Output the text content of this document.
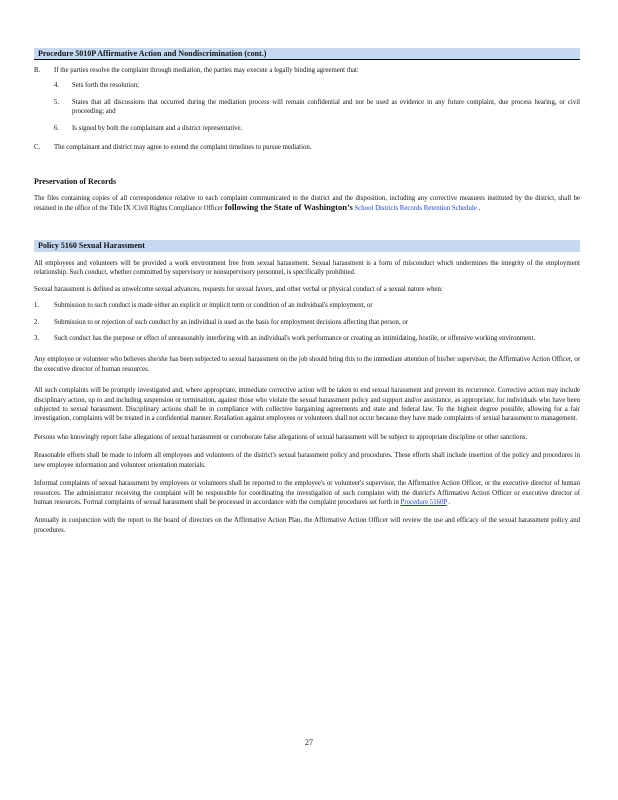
Procedure 5010P Affirmative Action and Nondiscrimination (cont.)
B. If the parties resolve the complaint through mediation, the parties may execute a legally binding agreement that:
4. Sets forth the resolution;
5. States that all discussions that occurred during the mediation process will remain confidential and not be used as evidence in any future complaint, due process hearing, or civil proceeding; and
6. Is signed by both the complainant and a district representative.
C. The complainant and district may agree to extend the complaint timelines to pursue mediation.
Preservation of Records

The files containing copies of all correspondence relative to each complaint communicated to the district and the disposition, including any corrective measures instituted by the district, shall be retained in the office of the Title IX /Civil Rights Compliance Officer following the State of Washington’s School Districts Records Retention Schedule .

Policy 5160 Sexual Harassment

All employees and volunteers will be provided a work environment free from sexual harassment. Sexual harassment is a form of misconduct which undermines the integrity of the employment relationship. Such conduct, whether committed by supervisory or nonsupervisory personnel, is specifically prohibited.

Sexual harassment is defined as unwelcome sexual advances, requests for sexual favors, and other verbal or physical conduct of a sexual nature when:

1. Submission to such conduct is made either an explicit or implicit term or condition of an individual's employment, or
2. Submission to or rejection of such conduct by an individual is used as the basis for employment decisions affecting that person, or
3. Such conduct has the purpose or effect of unreasonably interfering with an individual's work performance or creating an intimidating, hostile, or offensive working environment.

Any employee or volunteer who believes she/she has been subjected to sexual harassment on the job should bring this to the immediate attention of his/her supervisor, the Affirmative Action Officer, or the executive director of human resources.

All such complaints will be promptly investigated and, where appropriate, immediate corrective action will be taken to end sexual harassment and prevent its recurrence. Corrective action may include disciplinary action, up to and including suspension or termination, against those who violate the sexual harassment policy and support and/or assistance, as appropriate, for individuals who have been subjected to sexual harassment. Disciplinary actions shall be in compliance with collective bargaining agreements and state and federal law. To the highest degree possible, allowing for a fair investigation, complaints will be treated in a confidential manner. Retaliation against employees or volunteers shall not occur because they have made complaints of sexual harassment to management.

Persons who knowingly report false allegations of sexual harassment or corroborate false allegations of sexual harassment will be subject to appropriate discipline or other sanctions.

Reasonable efforts shall be made to inform all employees and volunteers of the district's sexual harassment policy and procedures. These efforts shall include insertion of the policy and procedures in new employee information and volunteer orientation materials.

Informal complaints of sexual harassment by employees or volunteers shall be reported to the employee's or volunteer's supervisor, the Affirmative Action Officer, or the executive director of human resources. The administrator receiving the complaint will be responsible for coordinating the investigation of such complaint with the district's Affirmative Action Officer or executive director of human resources. Formal complaints of sexual harassment shall be processed in accordance with the complaint procedures set forth in Procedure 5160P .

Annually in conjunction with the report to the board of directors on the Affirmative Action Plan, the Affirmative Action Officer will review the use and efficacy of the sexual harassment policy and procedures.

27
